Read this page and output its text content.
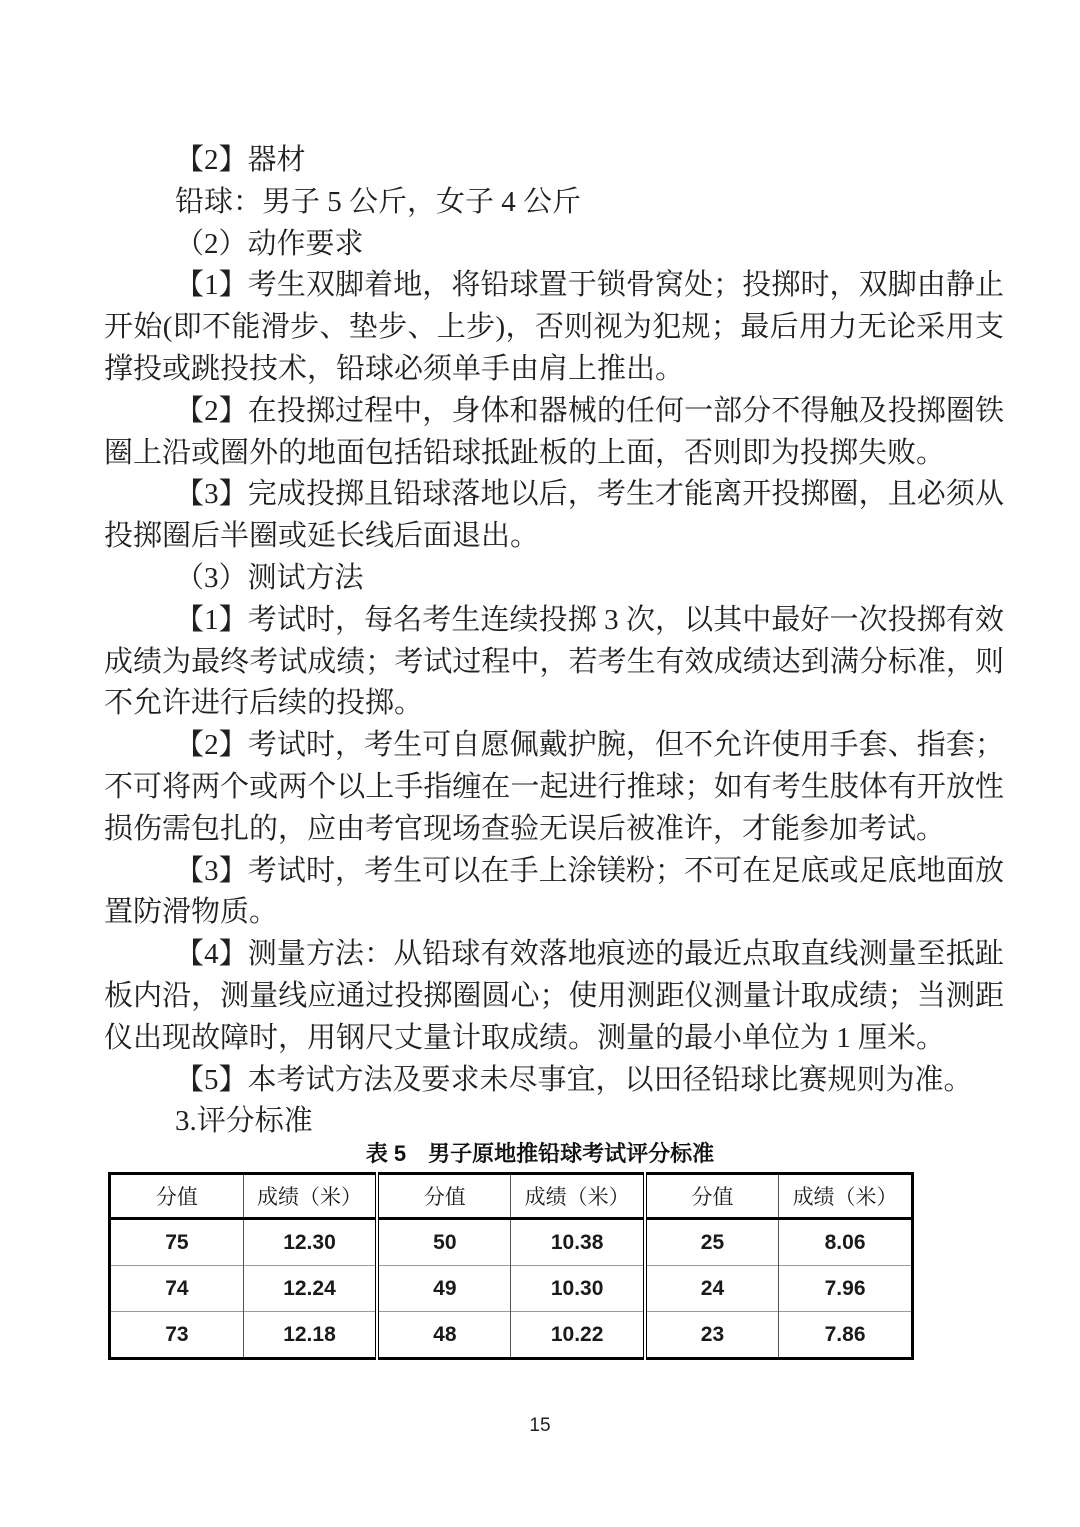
【2】器材

铅球：男子 5 公斤，女子 4 公斤

（2）动作要求

【1】考生双脚着地，将铅球置于锁骨窝处；投掷时，双脚由静止开始(即不能滑步、垫步、上步)，否则视为犯规；最后用力无论采用支撑投或跳投技术，铅球必须单手由肩上推出。

【2】在投掷过程中，身体和器械的任何一部分不得触及投掷圈铁圈上沿或圈外的地面包括铅球抵趾板的上面，否则即为投掷失败。

【3】完成投掷且铅球落地以后，考生才能离开投掷圈，且必须从投掷圈后半圈或延长线后面退出。

（3）测试方法

【1】考试时，每名考生连续投掷 3 次，以其中最好一次投掷有效成绩为最终考试成绩；考试过程中，若考生有效成绩达到满分标准，则不允许进行后续的投掷。

【2】考试时，考生可自愿佩戴护腕，但不允许使用手套、指套；不可将两个或两个以上手指缠在一起进行推球；如有考生肢体有开放性损伤需包扎的，应由考官现场查验无误后被准许，才能参加考试。

【3】考试时，考生可以在手上涂镁粉；不可在足底或足底地面放置防滑物质。

【4】测量方法：从铅球有效落地痕迹的最近点取直线测量至抵趾板内沿，测量线应通过投掷圈圆心；使用测距仪测量计取成绩；当测距仪出现故障时，用钢尺丈量计取成绩。测量的最小单位为 1 厘米。

【5】本考试方法及要求未尽事宜，以田径铅球比赛规则为准。

3.评分标准

表 5　男子原地推铅球考试评分标准
分值	成绩（米）	分值	成绩（米）	分值	成绩（米）
75	12.30	50	10.38	25	8.06
74	12.24	49	10.30	24	7.96
73	12.18	48	10.22	23	7.86
15
